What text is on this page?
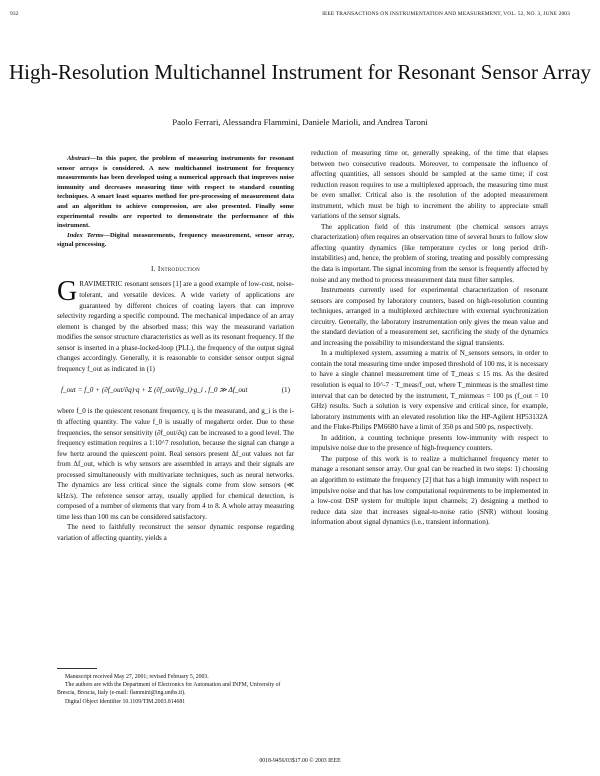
932	IEEE TRANSACTIONS ON INSTRUMENTATION AND MEASUREMENT, VOL. 52, NO. 3, JUNE 2003
High-Resolution Multichannel Instrument for Resonant Sensor Array
Paolo Ferrari, Alessandra Flammini, Daniele Marioli, and Andrea Taroni

Abstract—In this paper, the problem of measuring instruments for resonant sensor arrays is considered. A new multichannel instrument for frequency measurements has been developed using a numerical approach that improves noise immunity and decreases measuring time with respect to standard counting techniques. A smart least squares method for pre-processing of measurement data and an algorithm to achieve compression, are also presented. Finally some experimental results are reported to demonstrate the performance of this instrument.

Index Terms—Digital measurements, frequency measurement, sensor array, signal processing.

I. Introduction

GRAVIMETRIC resonant sensors [1] are a good example of low-cost, noise-tolerant, and versatile devices. A wide variety of applications are guaranteed by different choices of coating layers that can improve selectivity regarding a specific compound. The mechanical impedance of an array element is changed by the absorbed mass; this way the measurand variation modifies the sensor structure characteristics as well as its resonant frequency. If the sensor is inserted in a phase-locked-loop (PLL), the frequency of the output signal changes accordingly. Generally, it is reasonable to consider sensor output signal frequency f_out as indicated in (1)

f_out = f_0 + (∂f_out/∂q)·q + Σ (∂f_out/∂g_i)·g_i , f_0 ≫ Δf_out	(1)

where f_0 is the quiescent resonant frequency, q is the measurand, and g_i is the i-th affecting quantity. The value f_0 is usually of megahertz order. Due to these frequencies, the sensor sensitivity (∂f_out/∂q) can be increased to a good level. The frequency estimation requires a 1:10^7 resolution, because the signal can change a few hertz around the quiescent point. Real sensors present Δf_out values not far from Δf_out, which is why sensors are assembled in arrays and their signals are processed simultaneously with multivariate techniques, such as neural networks. The dynamics are less critical since the signals come from slow sensors (≪ kHz/s). The reference sensor array, usually applied for chemical detection, is composed of a number of elements that vary from 4 to 8. A whole array measuring time less than 100 ms can be considered satisfactory.

The need to faithfully reconstruct the sensor dynamic response regarding variation of affecting quantity, yields a

Manuscript received May 27, 2001; revised February 5, 2003.

The authors are with the Department of Electronics for Automation and INFM, University of Brescia, Brescia, Italy (e-mail: flammini@ing.unibs.it).

Digital Object Identifier 10.1109/TIM.2003.814681

reduction of measuring time or, generally speaking, of the time that elapses between two consecutive readouts. Moreover, to compensate the influence of affecting quantities, all sensors should be sampled at the same time; if cost reduction reason requires to use a multiplexed approach, the measuring time must be even smaller. Critical also is the resolution of the adopted measurement instrument, which must be high to increment the ability to appreciate small variations of the sensor signals.

The application field of this instrument (the chemical sensors arrays characterization) often requires an observation time of several hours to follow slow affecting quantity dynamics (like temperature cycles or long period drift-instabilities) and, hence, the problem of storing, treating and possibly compressing the data is important. The signal incoming from the sensor is frequently affected by noise and any method to process measurement data must filter samples.

Instruments currently used for experimental characterization of resonant sensors are composed by laboratory counters, based on high-resolution counting techniques, arranged in a multiplexed architecture with external synchronization circuitry. Generally, the laboratory instrumentation only gives the mean value and the standard deviation of a measurement set, sacrificing the study of the dynamics and increasing the possibility to misunderstand the signal transients.

In a multiplexed system, assuming a matrix of N_sensors sensors, in order to contain the total measuring time under imposed threshold of 100 ms, it is necessary to have a single channel measurement time of T_meas ≤ 15 ms. As the desired resolution is equal to 10^-7 · T_meas/f_out, where T_minmeas is the smallest time interval that can be detected by the instrument, T_minmeas = 100 ps (f_out = 10 GHz) results. Such a solution is very expensive and critical since, for example, laboratory instruments with an elevated resolution like the HP-Agilent HP53132A and the Fluke-Philips PM6680 have a limit of 350 ps and 500 ps, respectively.

In addition, a counting technique presents low-immunity with respect to impulsive noise due to the presence of high-frequency counters.

The purpose of this work is to realize a multichannel frequency meter to manage a resonant sensor array. Our goal can be reached in two steps: 1) choosing an algorithm to estimate the frequency [2] that has a high immunity with respect to impulsive noise and that has low computational requirements to be implemented in a low-cost DSP system for multiple input channels; 2) designing a method to reduce data size that increases signal-to-noise ratio (SNR) without loosing information about signal dynamics (i.e., transient information).

0018-9456/03$17.00 © 2003 IEEE
